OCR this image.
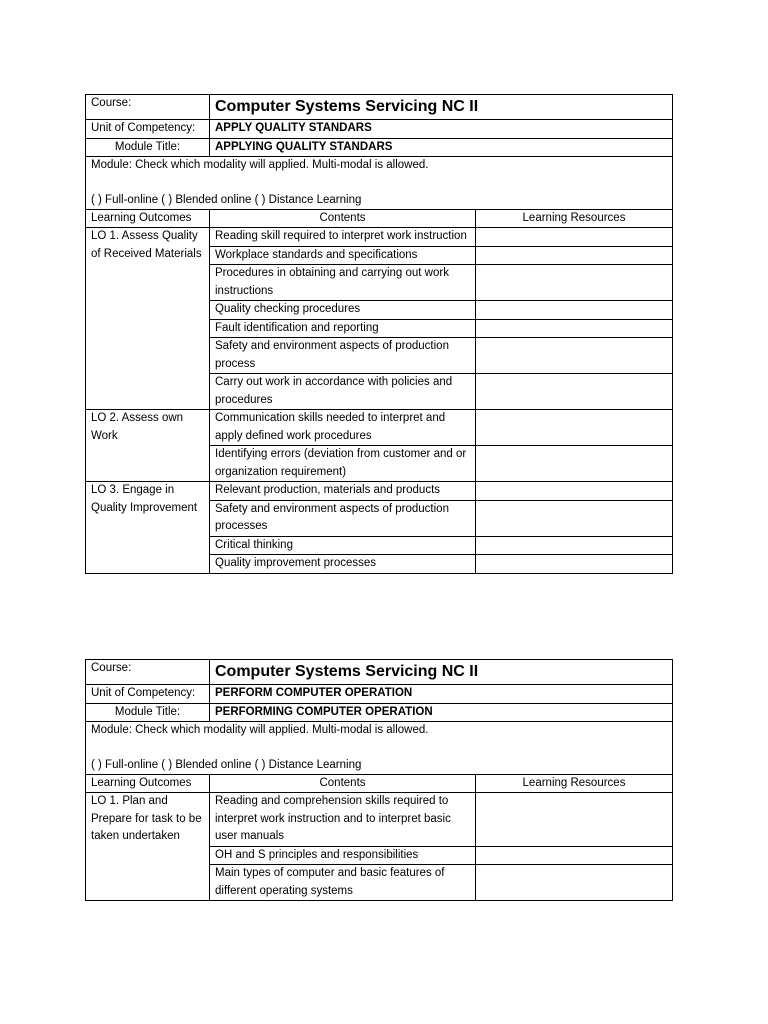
Course:	Computer Systems Servicing NC II	
Unit of Competency:	APPLY QUALITY STANDARS	
Module Title:	APPLYING QUALITY STANDARS	

Module: Check which modality will applied. Multi-modal is allowed.
( ) Full-online ( ) Blended online ( ) Distance Learning		

Learning Outcomes	Contents	Learning Resources
LO 1. Assess Quality of Received Materials	Reading skill required to interpret work instruction	
	Workplace standards and specifications	
	Procedures in obtaining and carrying out work instructions	
	Quality checking procedures	
	Fault identification and reporting	
	Safety and environment aspects of production process	
	Carry out work in accordance with policies and procedures	
LO 2. Assess own Work	Communication skills needed to interpret and apply defined work procedures	
	Identifying errors (deviation from customer and or organization requirement)	
LO 3. Engage in Quality Improvement	Relevant production, materials and products	
	Safety and environment aspects of production processes	
	Critical thinking	
	Quality improvement processes	
Course:	Computer Systems Servicing NC II	
Unit of Competency:	PERFORM COMPUTER OPERATION	
Module Title:	PERFORMING COMPUTER OPERATION	

Module: Check which modality will applied. Multi-modal is allowed.
( ) Full-online ( ) Blended online ( ) Distance Learning		

Learning Outcomes	Contents	Learning Resources
LO 1. Plan and Prepare for task to be taken undertaken	Reading and comprehension skills required to interpret work instruction and to interpret basic user manuals	
	OH and S principles and responsibilities	
	Main types of computer and basic features of different operating systems	
